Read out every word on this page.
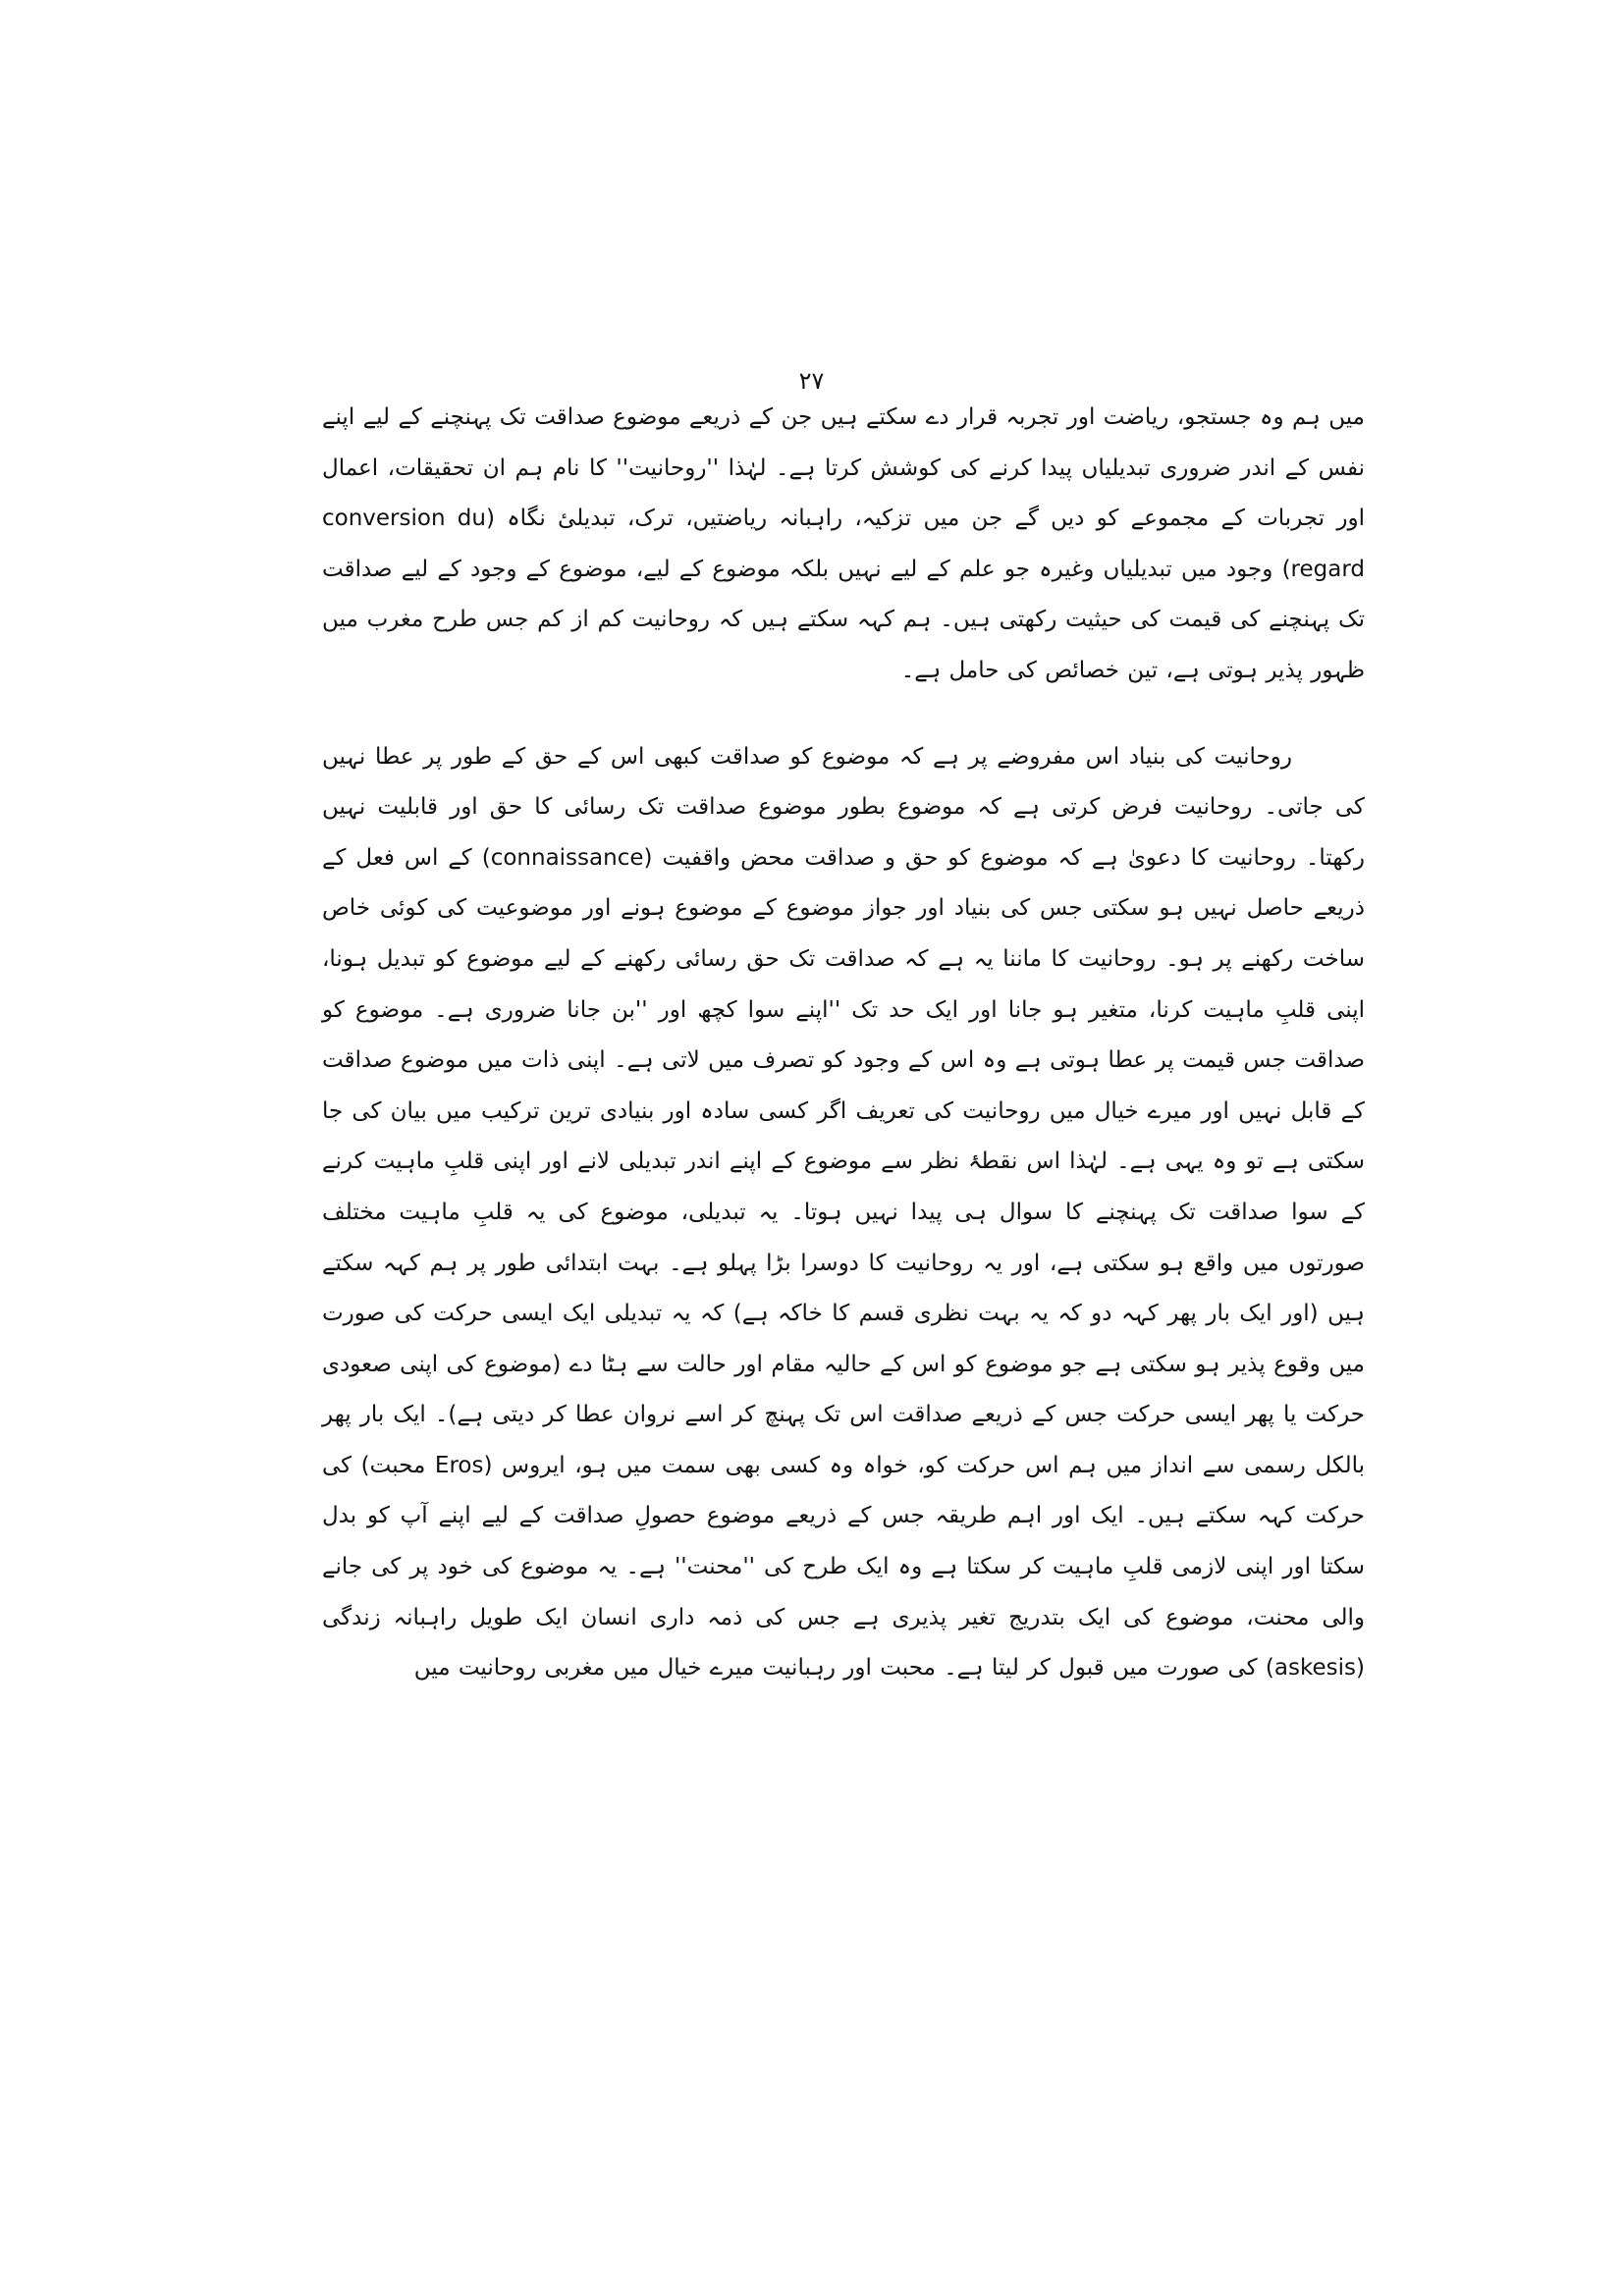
۲۷

میں ہم وہ جستجو، ریاضت اور تجربہ قرار دے سکتے ہیں جن کے ذریعے موضوع صداقت تک پہنچنے کے لیے اپنے نفس کے اندر ضروری تبدیلیاں پیدا کرنے کی کوشش کرتا ہے۔ لہٰذا ''روحانیت'' کا نام ہم ان تحقیقات، اعمال اور تجربات کے مجموعے کو دیں گے جن میں تزکیہ، راہبانہ ریاضتیں، ترک، تبدیلیٔ نگاہ (conversion du regard) وجود میں تبدیلیاں وغیرہ جو علم کے لیے نہیں بلکہ موضوع کے لیے، موضوع کے وجود کے لیے صداقت تک پہنچنے کی قیمت کی حیثیت رکھتی ہیں۔ ہم کہہ سکتے ہیں کہ روحانیت کم از کم جس طرح مغرب میں ظہور پذیر ہوتی ہے، تین خصائص کی حامل ہے۔

روحانیت کی بنیاد اس مفروضے پر ہے کہ موضوع کو صداقت کبھی اس کے حق کے طور پر عطا نہیں کی جاتی۔ روحانیت فرض کرتی ہے کہ موضوع بطور موضوع صداقت تک رسائی کا حق اور قابلیت نہیں رکھتا۔ روحانیت کا دعویٰ ہے کہ موضوع کو حق و صداقت محض واقفیت (connaissance) کے اس فعل کے ذریعے حاصل نہیں ہو سکتی جس کی بنیاد اور جواز موضوع کے موضوع ہونے اور موضوعیت کی کوئی خاص ساخت رکھنے پر ہو۔ روحانیت کا ماننا یہ ہے کہ صداقت تک حق رسائی رکھنے کے لیے موضوع کو تبدیل ہونا، اپنی قلبِ ماہیت کرنا، متغیر ہو جانا اور ایک حد تک ''اپنے سوا کچھ اور ''بن جانا ضروری ہے۔ موضوع کو صداقت جس قیمت پر عطا ہوتی ہے وہ اس کے وجود کو تصرف میں لاتی ہے۔ اپنی ذات میں موضوع صداقت کے قابل نہیں اور میرے خیال میں روحانیت کی تعریف اگر کسی سادہ اور بنیادی ترین ترکیب میں بیان کی جا سکتی ہے تو وہ یہی ہے۔ لہٰذا اس نقطۂ نظر سے موضوع کے اپنے اندر تبدیلی لانے اور اپنی قلبِ ماہیت کرنے کے سوا صداقت تک پہنچنے کا سوال ہی پیدا نہیں ہوتا۔ یہ تبدیلی، موضوع کی یہ قلبِ ماہیت مختلف صورتوں میں واقع ہو سکتی ہے، اور یہ روحانیت کا دوسرا بڑا پہلو ہے۔ بہت ابتدائی طور پر ہم کہہ سکتے ہیں (اور ایک بار پھر کہہ دو کہ یہ بہت نظری قسم کا خاکہ ہے) کہ یہ تبدیلی ایک ایسی حرکت کی صورت میں وقوع پذیر ہو سکتی ہے جو موضوع کو اس کے حالیہ مقام اور حالت سے ہٹا دے (موضوع کی اپنی صعودی حرکت یا پھر ایسی حرکت جس کے ذریعے صداقت اس تک پہنچ کر اسے نروان عطا کر دیتی ہے)۔ ایک بار پھر بالکل رسمی سے انداز میں ہم اس حرکت کو، خواہ وہ کسی بھی سمت میں ہو، ایروس (Eros محبت) کی حرکت کہہ سکتے ہیں۔ ایک اور اہم طریقہ جس کے ذریعے موضوع حصولِ صداقت کے لیے اپنے آپ کو بدل سکتا اور اپنی لازمی قلبِ ماہیت کر سکتا ہے وہ ایک طرح کی ''محنت'' ہے۔ یہ موضوع کی خود پر کی جانے والی محنت، موضوع کی ایک بتدریج تغیر پذیری ہے جس کی ذمہ داری انسان ایک طویل راہبانہ زندگی (askesis) کی صورت میں قبول کر لیتا ہے۔ محبت اور رہبانیت میرے خیال میں مغربی روحانیت میں
